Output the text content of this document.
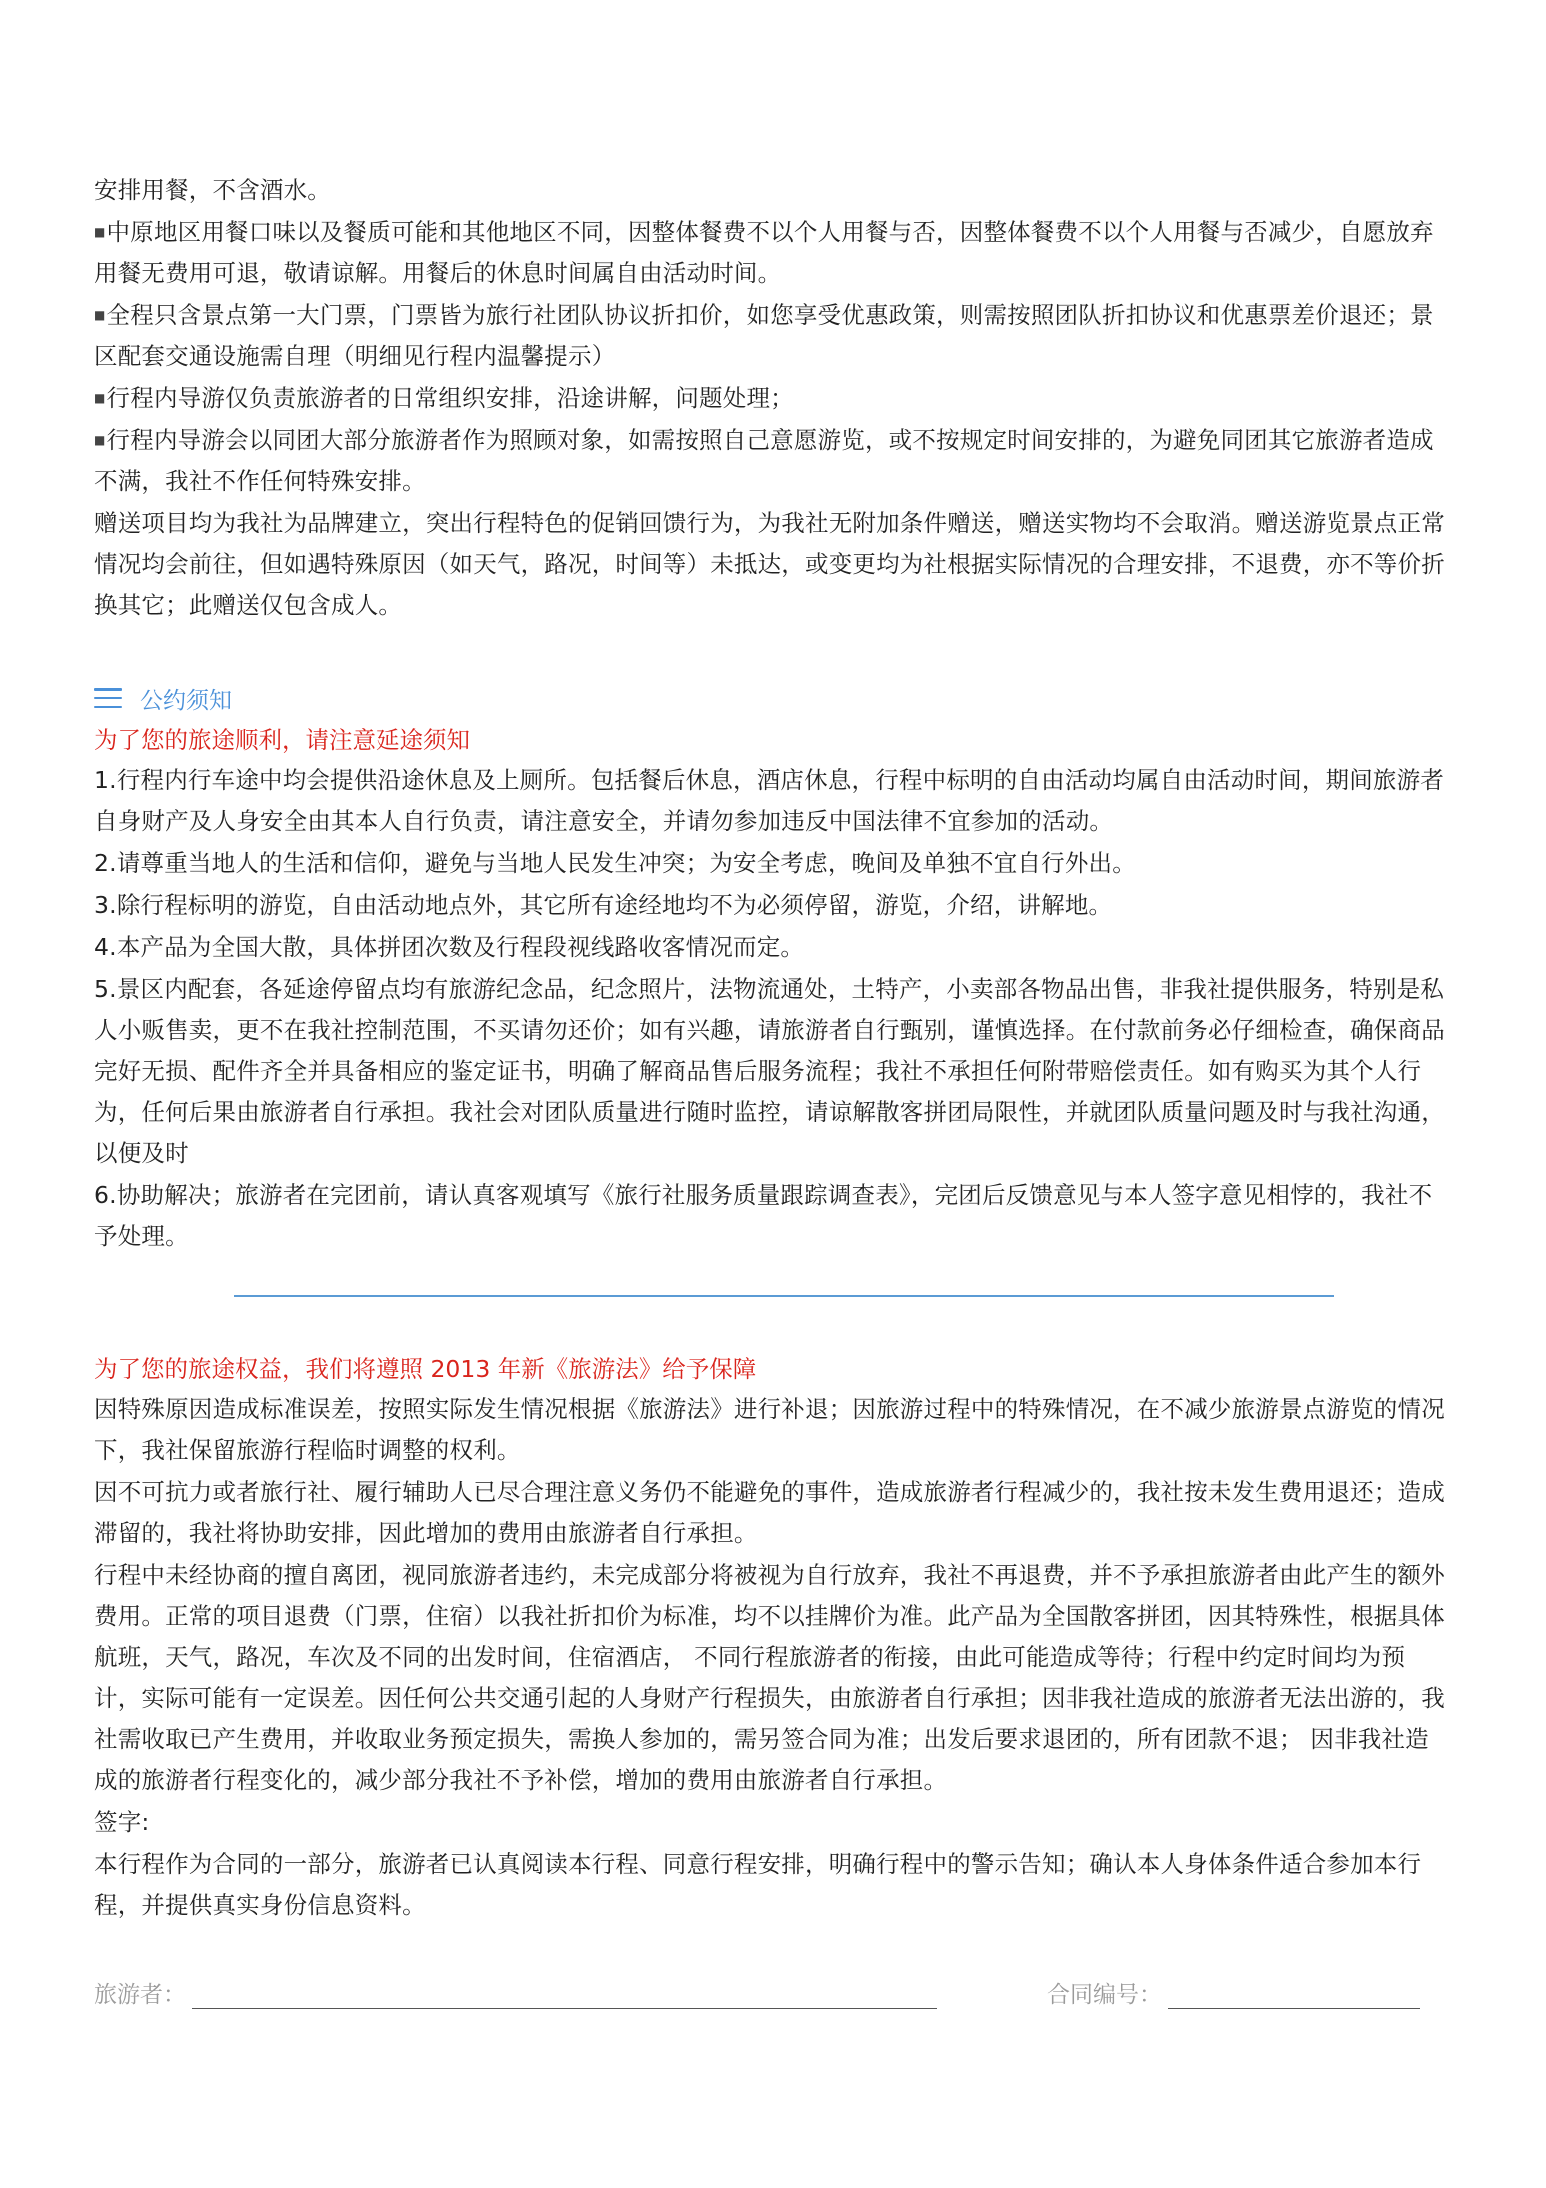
安排用餐，不含酒水。

■ 中原地区用餐口味以及餐质可能和其他地区不同，因整体餐费不以个人用餐与否，因整体餐费不以个人用餐与否减少，自愿放弃用餐无费用可退，敬请谅解。用餐后的休息时间属自由活动时间。

■ 全程只含景点第一大门票，门票皆为旅行社团队协议折扣价，如您享受优惠政策，则需按照团队折扣协议和优惠票差价退还；景区配套交通设施需自理（明细见行程内温馨提示）

■ 行程内导游仅负责旅游者的日常组织安排，沿途讲解，问题处理；

■ 行程内导游会以同团大部分旅游者作为照顾对象，如需按照自己意愿游览，或不按规定时间安排的，为避免同团其它旅游者造成不满，我社不作任何特殊安排。

赠送项目均为我社为品牌建立，突出行程特色的促销回馈行为，为我社无附加条件赠送，赠送实物均不会取消。赠送游览景点正常情况均会前往，但如遇特殊原因（如天气，路况，时间等）未抵达，或变更均为社根据实际情况的合理安排，不退费，亦不等价折换其它；此赠送仅包含成人。

公约须知

为了您的旅途顺利，请注意延途须知

1.行程内行车途中均会提供沿途休息及上厕所。包括餐后休息，酒店休息，行程中标明的自由活动均属自由活动时间，期间旅游者自身财产及人身安全由其本人自行负责，请注意安全，并请勿参加违反中国法律不宜参加的活动。

2.请尊重当地人的生活和信仰，避免与当地人民发生冲突；为安全考虑，晚间及单独不宜自行外出。

3.除行程标明的游览，自由活动地点外，其它所有途经地均不为必须停留，游览，介绍，讲解地。

4.本产品为全国大散，具体拼团次数及行程段视线路收客情况而定。

5.景区内配套，各延途停留点均有旅游纪念品，纪念照片，法物流通处，土特产，小卖部各物品出售，非我社提供服务，特别是私人小贩售卖，更不在我社控制范围，不买请勿还价；如有兴趣，请旅游者自行甄别，谨慎选择。在付款前务必仔细检查，确保商品完好无损、配件齐全并具备相应的鉴定证书，明确了解商品售后服务流程；我社不承担任何附带赔偿责任。如有购买为其个人行为，任何后果由旅游者自行承担。我社会对团队质量进行随时监控，请谅解散客拼团局限性，并就团队质量问题及时与我社沟通，以便及时

6.协助解决；旅游者在完团前，请认真客观填写《旅行社服务质量跟踪调查表》，完团后反馈意见与本人签字意见相悖的，我社不予处理。

为了您的旅途权益，我们将遵照 2013 年新《旅游法》给予保障

因特殊原因造成标准误差，按照实际发生情况根据《旅游法》进行补退；因旅游过程中的特殊情况，在不减少旅游景点游览的情况下，我社保留旅游行程临时调整的权利。

因不可抗力或者旅行社、履行辅助人已尽合理注意义务仍不能避免的事件，造成旅游者行程减少的，我社按未发生费用退还；造成滞留的，我社将协助安排，因此增加的费用由旅游者自行承担。

行程中未经协商的擅自离团，视同旅游者违约，未完成部分将被视为自行放弃，我社不再退费，并不予承担旅游者由此产生的额外费用。正常的项目退费（门票，住宿）以我社折扣价为标准，均不以挂牌价为准。此产品为全国散客拼团，因其特殊性，根据具体航班，天气，路况，车次及不同的出发时间，住宿酒店， 不同行程旅游者的衔接，由此可能造成等待；行程中约定时间均为预计，实际可能有一定误差。因任何公共交通引起的人身财产行程损失，由旅游者自行承担；因非我社造成的旅游者无法出游的，我社需收取已产生费用，并收取业务预定损失，需换人参加的，需另签合同为准；出发后要求退团的，所有团款不退； 因非我社造成的旅游者行程变化的，减少部分我社不予补偿，增加的费用由旅游者自行承担。

签字:

本行程作为合同的一部分，旅游者已认真阅读本行程、同意行程安排，明确行程中的警示告知；确认本人身体条件适合参加本行程，并提供真实身份信息资料。

旅游者：	合同编号：
